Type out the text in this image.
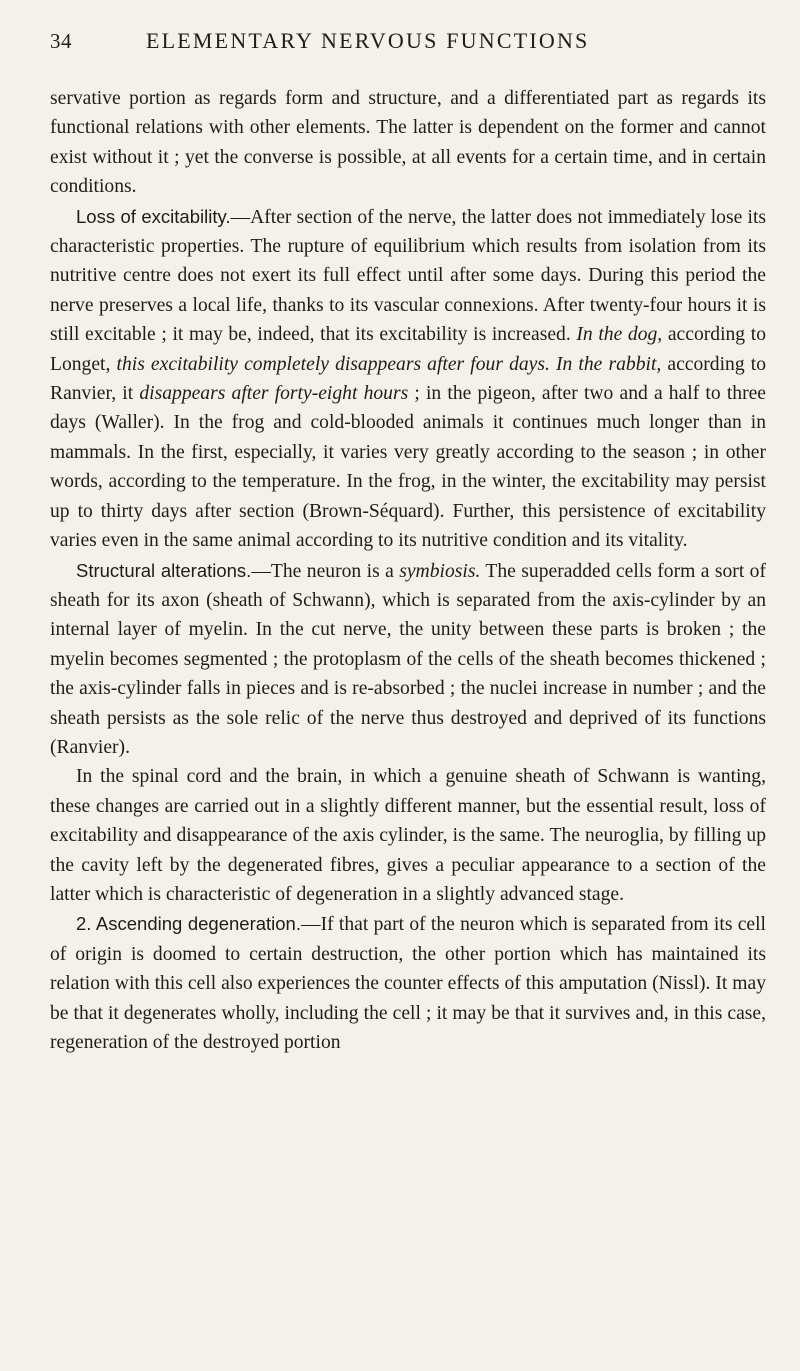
34	ELEMENTARY NERVOUS FUNCTIONS

servative portion as regards form and structure, and a differentiated part as regards its functional relations with other elements. The latter is dependent on the former and cannot exist without it ; yet the converse is possible, at all events for a certain time, and in certain conditions.

Loss of excitability.—After section of the nerve, the latter does not immediately lose its characteristic properties. The rupture of equilibrium which results from isolation from its nutritive centre does not exert its full effect until after some days. During this period the nerve preserves a local life, thanks to its vascular connexions. After twenty-four hours it is still excitable ; it may be, indeed, that its excitability is increased. In the dog, according to Longet, this excitability completely disappears after four days. In the rabbit, according to Ranvier, it disappears after forty-eight hours ; in the pigeon, after two and a half to three days (Waller). In the frog and cold-blooded animals it continues much longer than in mammals. In the first, especially, it varies very greatly according to the season ; in other words, according to the temperature. In the frog, in the winter, the excitability may persist up to thirty days after section (Brown-Séquard). Further, this persistence of excitability varies even in the same animal according to its nutritive condition and its vitality.

Structural alterations.—The neuron is a symbiosis. The superadded cells form a sort of sheath for its axon (sheath of Schwann), which is separated from the axis-cylinder by an internal layer of myelin. In the cut nerve, the unity between these parts is broken ; the myelin becomes segmented ; the protoplasm of the cells of the sheath becomes thickened ; the axis-cylinder falls in pieces and is re-absorbed ; the nuclei increase in number ; and the sheath persists as the sole relic of the nerve thus destroyed and deprived of its functions (Ranvier).

In the spinal cord and the brain, in which a genuine sheath of Schwann is wanting, these changes are carried out in a slightly different manner, but the essential result, loss of excitability and disappearance of the axis cylinder, is the same. The neuroglia, by filling up the cavity left by the degenerated fibres, gives a peculiar appearance to a section of the latter which is characteristic of degeneration in a slightly advanced stage.

2. Ascending degeneration.—If that part of the neuron which is separated from its cell of origin is doomed to certain destruction, the other portion which has maintained its relation with this cell also experiences the counter effects of this amputation (Nissl). It may be that it degenerates wholly, including the cell ; it may be that it survives and, in this case, regeneration of the destroyed portion
